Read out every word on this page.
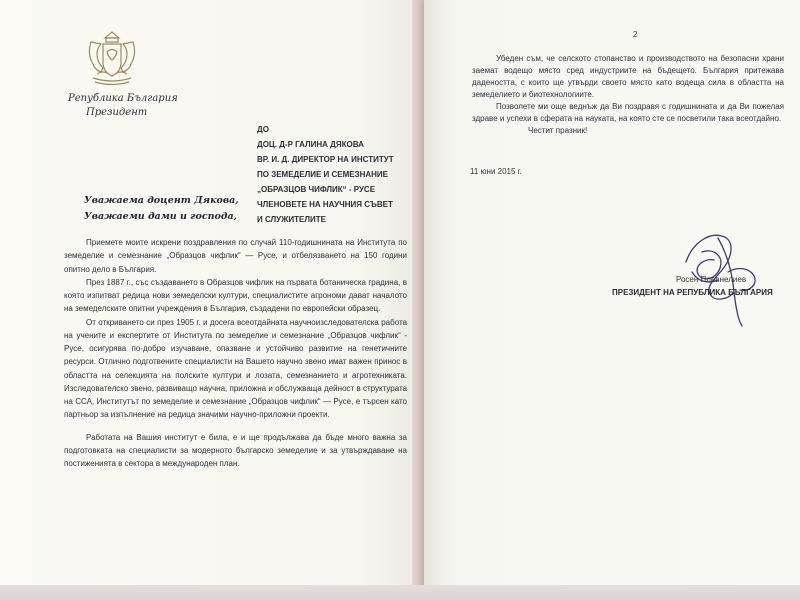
Република България
Президент
ДО
ДОЦ. Д-Р ГАЛИНА ДЯКОВА
ВР. И. Д. ДИРЕКТОР НА ИНСТИТУТ
ПО ЗЕМЕДЕЛИЕ И СЕМЕЗНАНИЕ
„ОБРАЗЦОВ ЧИФЛИК“ - РУСЕ
ЧЛЕНОВЕТЕ НА НАУЧНИЯ СЪВЕТ
И СЛУЖИТЕЛИТЕ
Уважаема доцент Дякова,
Уважаеми дами и господа,

Приемете моите искрени поздравления по случай 110-годишнината на Института по земеделие и семезнание „Образцов чифлик“ — Русе, и отбелязването на 150 години опитно дело в България.

През 1887 г., със създаването в Образцов чифлик на първата ботаническа градина, в която изпитват редица нови земеделски култури, специалистите агрономи дават началото на земеделските опитни учреждения в България, създадени по европейски образец.

От откриването си през 1905 г. и досега всеотдайната научноизследователска работа на учените и експертите от Института по земеделие и семезнание „Образцов чифлик“ - Русе, осигурява по-добро изучаване, опазване и устойчиво развитие на генетичните ресурси. Отлично подготвените специалисти на Вашето научно звено имат важен принос в областта на селекцията на полските култури и лозата, семезнанието и агротехниката. Изследователско звено, развиващо научна, приложна и обслужваща дейност в структурата на ССА, Институтът по земеделие и семезнание „Образцов чифлик“ — Русе, е търсен като партньор за изпълнение на редица значими научно-приложни проекти.

Работата на Вашия институт е била, е и ще продължава да бъде много важна за подготовката на специалисти за модерното българско земеделие и за утвърждаване на постиженията в сектора в международен план.

2

Убеден съм, че селското стопанство и производството на безопасни храни заемат водещо място сред индустриите на бъдещето. България притежава дадеността, с които ще утвърди своето място като водеща сила в областта на земеделието и биотехнологиите.

Позволете ми още веднъж да Ви поздравя с годишнината и да Ви пожелая здраве и успехи в сферата на науката, на която сте се посветили така всеотдайно.

Честит празник!

11 юни 2015 г.
Росен Плевнелиев
ПРЕЗИДЕНТ НА РЕПУБЛИКА БЪЛГАРИЯ
